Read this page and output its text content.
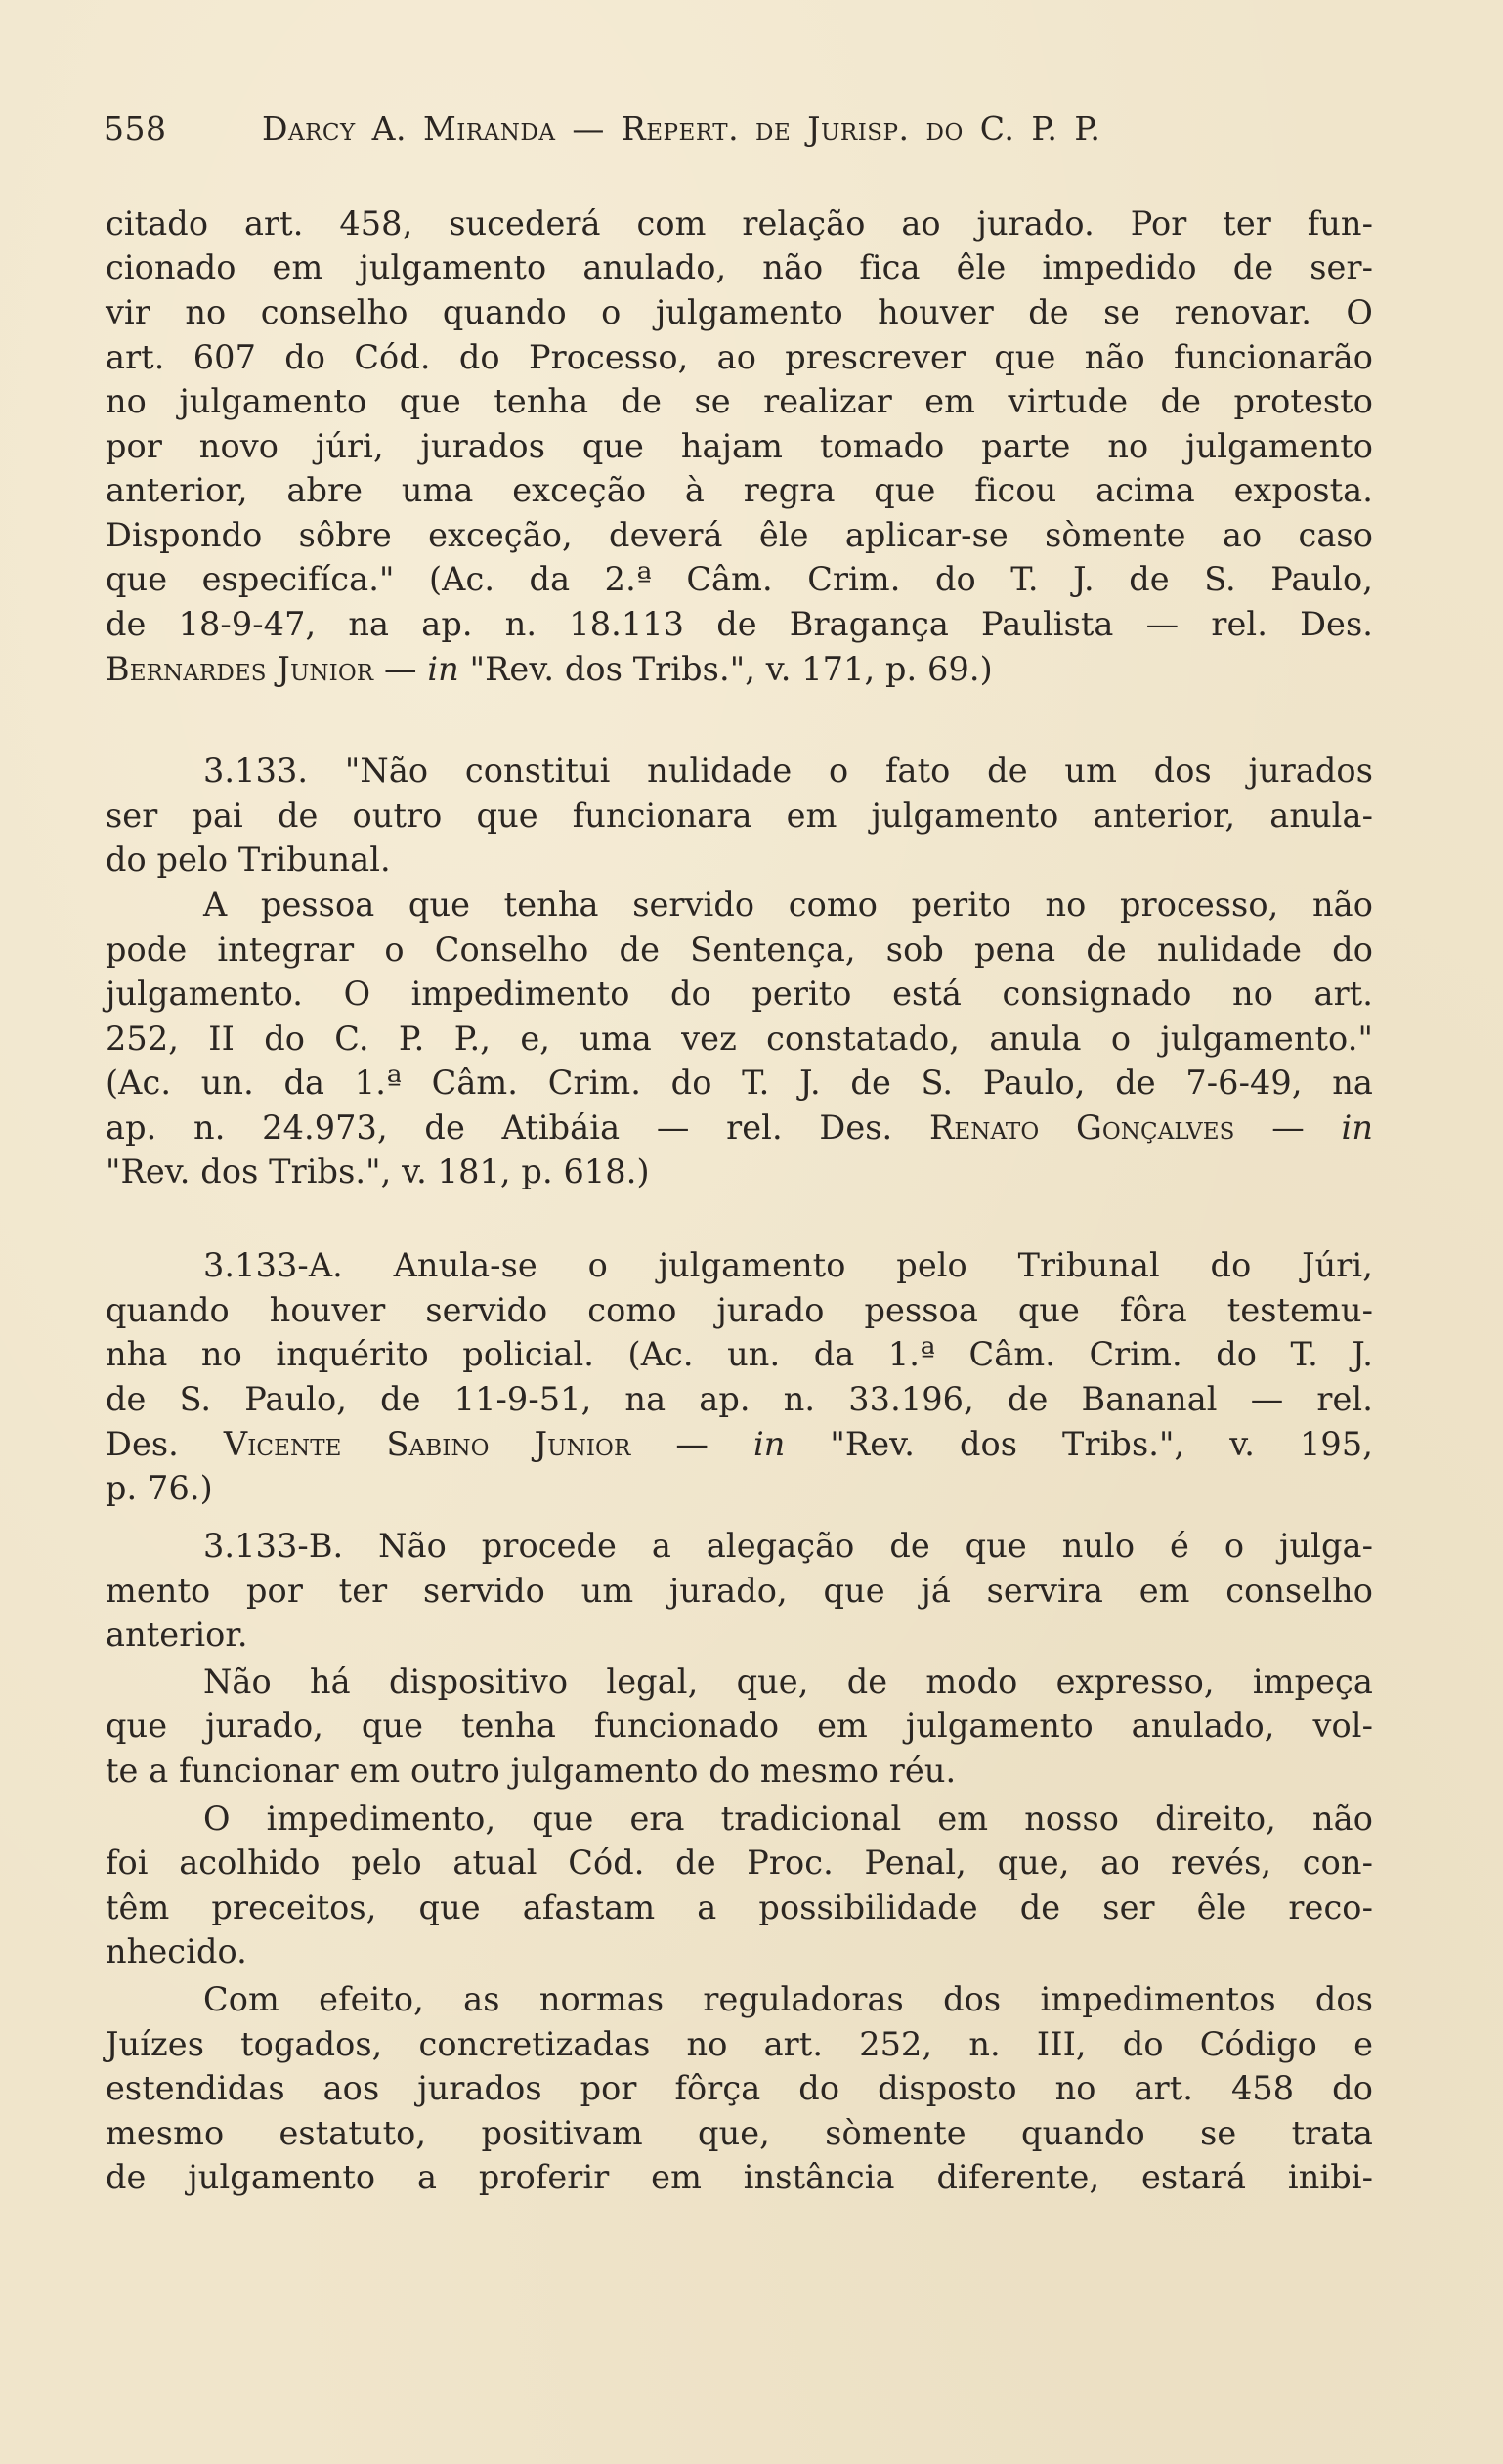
558	Darcy A. Miranda — Repert. de Jurisp. do C. P. P.
citado art. 458, sucederá com relação ao jurado. Por ter fun-
cionado em julgamento anulado, não fica êle impedido de ser-
vir no conselho quando o julgamento houver de se renovar. O
art. 607 do Cód. do Processo, ao prescrever que não funcionarão
no julgamento que tenha de se realizar em virtude de protesto
por novo júri, jurados que hajam tomado parte no julgamento
anterior, abre uma exceção à regra que ficou acima exposta.
Dispondo sôbre exceção, deverá êle aplicar-se sòmente ao caso
que especifíca." (Ac. da 2.ª Câm. Crim. do T. J. de S. Paulo,
de 18-9-47, na ap. n. 18.113 de Bragança Paulista — rel. Des.
Bernardes Junior — in "Rev. dos Tribs.", v. 171, p. 69.)
3.133. "Não constitui nulidade o fato de um dos jurados
ser pai de outro que funcionara em julgamento anterior, anula-
do pelo Tribunal.
A pessoa que tenha servido como perito no processo, não
pode integrar o Conselho de Sentença, sob pena de nulidade do
julgamento. O impedimento do perito está consignado no art.
252, II do C. P. P., e, uma vez constatado, anula o julgamento."
(Ac. un. da 1.ª Câm. Crim. do T. J. de S. Paulo, de 7-6-49, na
ap. n. 24.973, de Atibáia — rel. Des. Renato Gonçalves — in
"Rev. dos Tribs.", v. 181, p. 618.)
3.133-A. Anula-se o julgamento pelo Tribunal do Júri,
quando houver servido como jurado pessoa que fôra testemu-
nha no inquérito policial. (Ac. un. da 1.ª Câm. Crim. do T. J.
de S. Paulo, de 11-9-51, na ap. n. 33.196, de Bananal — rel.
Des. Vicente Sabino Junior — in "Rev. dos Tribs.", v. 195,
p. 76.)
3.133-B. Não procede a alegação de que nulo é o julga-
mento por ter servido um jurado, que já servira em conselho
anterior.
Não há dispositivo legal, que, de modo expresso, impeça
que jurado, que tenha funcionado em julgamento anulado, vol-
te a funcionar em outro julgamento do mesmo réu.
O impedimento, que era tradicional em nosso direito, não
foi acolhido pelo atual Cód. de Proc. Penal, que, ao revés, con-
têm preceitos, que afastam a possibilidade de ser êle reco-
nhecido.
Com efeito, as normas reguladoras dos impedimentos dos
Juízes togados, concretizadas no art. 252, n. III, do Código e
estendidas aos jurados por fôrça do disposto no art. 458 do
mesmo estatuto, positivam que, sòmente quando se trata
de julgamento a proferir em instância diferente, estará inibi-
